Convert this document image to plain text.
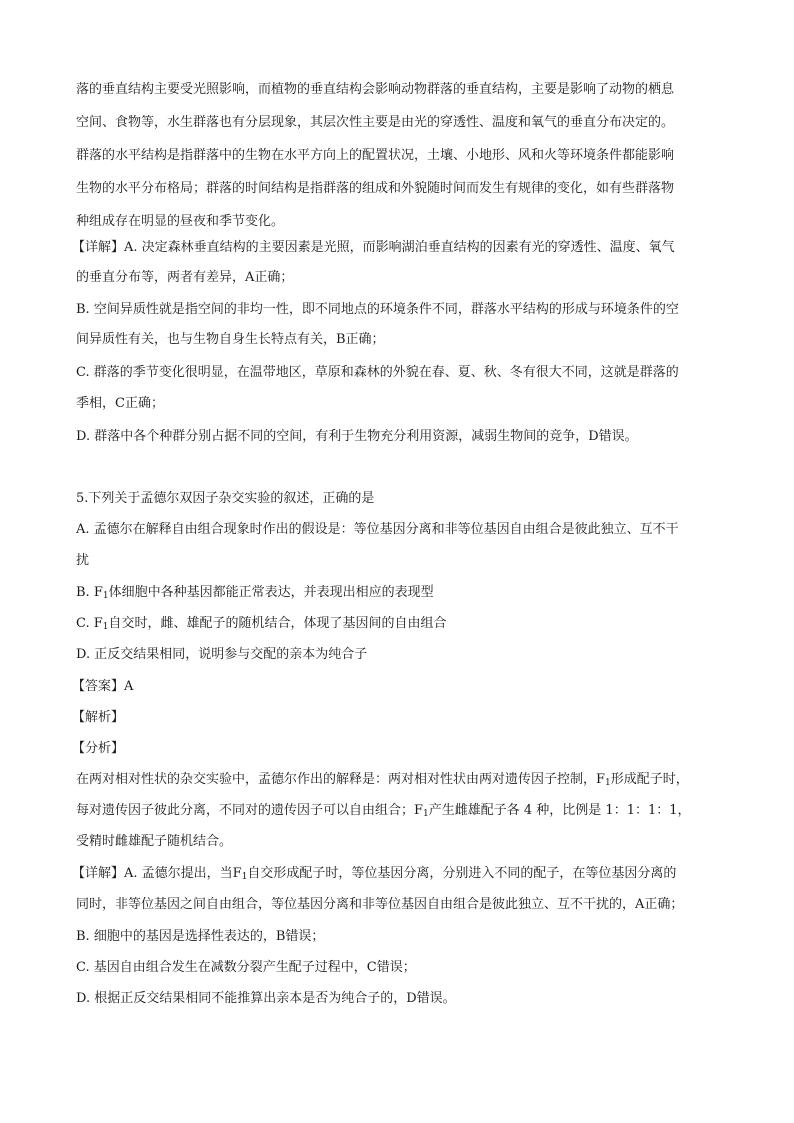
落的垂直结构主要受光照影响，而植物的垂直结构会影响动物群落的垂直结构，主要是影响了动物的栖息
空间、食物等，水生群落也有分层现象，其层次性主要是由光的穿透性、温度和氧气的垂直分布决定的。
群落的水平结构是指群落中的生物在水平方向上的配置状况，土壤、小地形、风和火等环境条件都能影响
生物的水平分布格局；群落的时间结构是指群落的组成和外貌随时间而发生有规律的变化，如有些群落物
种组成存在明显的昼夜和季节变化。
【详解】A. 决定森林垂直结构的主要因素是光照，而影响湖泊垂直结构的因素有光的穿透性、温度、氧气
的垂直分布等，两者有差异，A正确；
B. 空间异质性就是指空间的非均一性，即不同地点的环境条件不同，群落水平结构的形成与环境条件的空
间异质性有关，也与生物自身生长特点有关，B正确；
C. 群落的季节变化很明显，在温带地区，草原和森林的外貌在春、夏、秋、冬有很大不同，这就是群落的
季相，C正确；
D. 群落中各个种群分别占据不同的空间，有利于生物充分利用资源，减弱生物间的竞争，D错误。
5.下列关于孟德尔双因子杂交实验的叙述，正确的是
A. 孟德尔在解释自由组合现象时作出的假设是：等位基因分离和非等位基因自由组合是彼此独立、互不干
扰
B. $F_1$体细胞中各种基因都能正常表达，并表现出相应的表现型
C. $F_1$自交时，雌、雄配子的随机结合，体现了基因间的自由组合
D. 正反交结果相同，说明参与交配的亲本为纯合子
【答案】A
【解析】
【分析】
在两对相对性状的杂交实验中，孟德尔作出的解释是：两对相对性状由两对遗传因子控制，$F_1$形成配子时，
每对遗传因子彼此分离，不同对的遗传因子可以自由组合；$F_1$产生雌雄配子各 4 种，比例是 1：1：1：1，
受精时雌雄配子随机结合。
【详解】A. 孟德尔提出，当$F_1$自交形成配子时，等位基因分离，分别进入不同的配子，在等位基因分离的
同时，非等位基因之间自由组合，等位基因分离和非等位基因自由组合是彼此独立、互不干扰的，A正确；
B. 细胞中的基因是选择性表达的，B错误；
C. 基因自由组合发生在减数分裂产生配子过程中，C错误；
D. 根据正反交结果相同不能推算出亲本是否为纯合子的，D错误。
